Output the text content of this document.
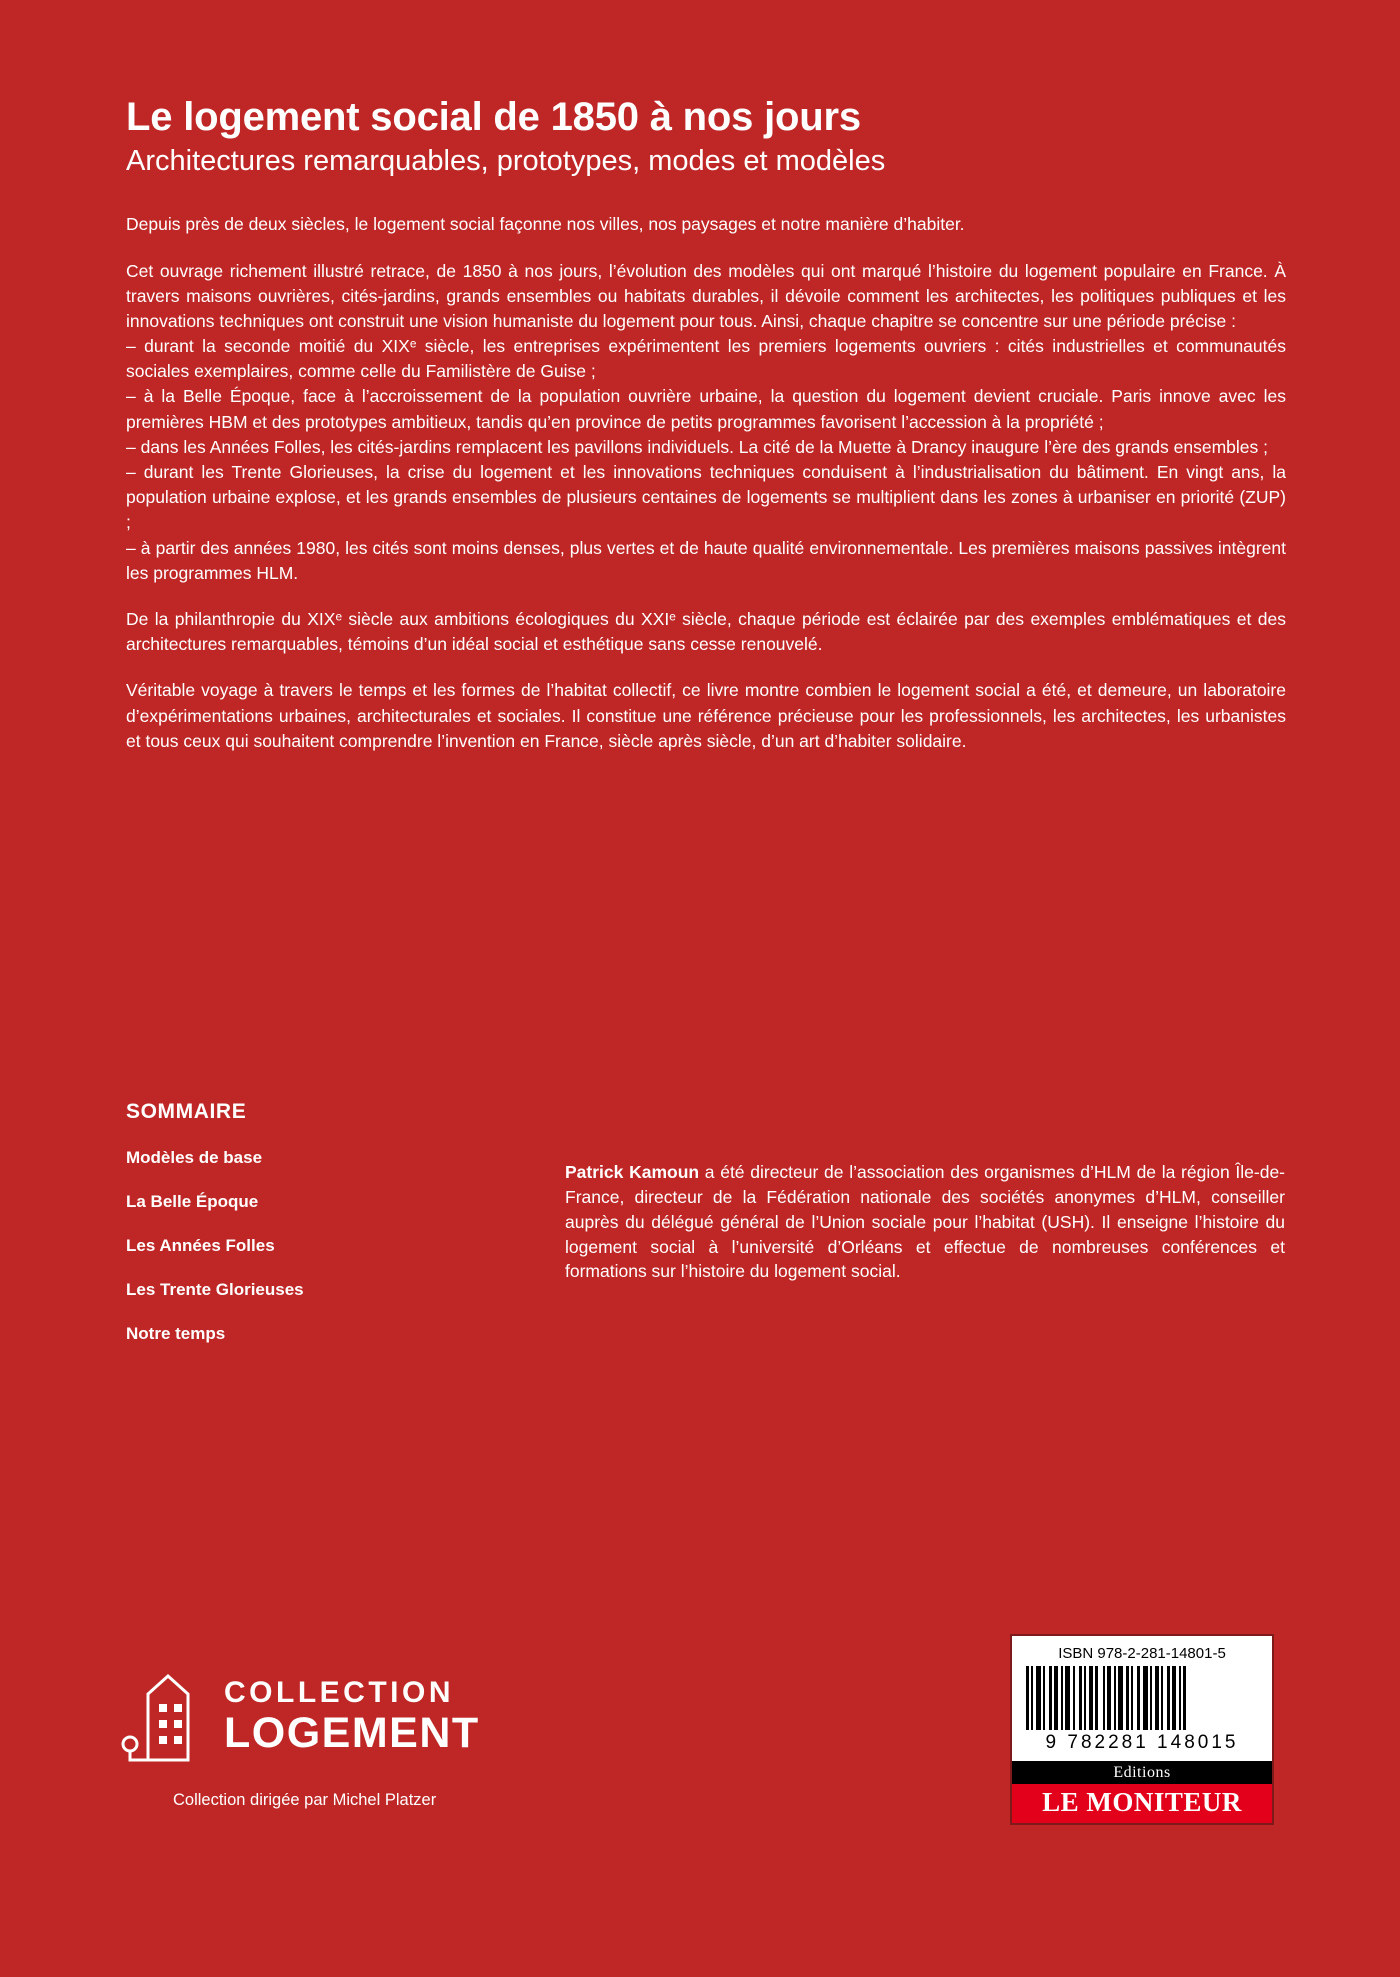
Le logement social de 1850 à nos jours
Architectures remarquables, prototypes, modes et modèles

Depuis près de deux siècles, le logement social façonne nos villes, nos paysages et notre manière d’habiter.

Cet ouvrage richement illustré retrace, de 1850 à nos jours, l’évolution des modèles qui ont marqué l’histoire du logement populaire en France. À travers maisons ouvrières, cités-jardins, grands ensembles ou habitats durables, il dévoile comment les architectes, les politiques publiques et les innovations techniques ont construit une vision humaniste du logement pour tous. Ainsi, chaque chapitre se concentre sur une période précise :

– durant la seconde moitié du XIXᵉ siècle, les entreprises expérimentent les premiers logements ouvriers : cités industrielles et communautés sociales exemplaires, comme celle du Familistère de Guise ;

– à la Belle Époque, face à l’accroissement de la population ouvrière urbaine, la question du logement devient cruciale. Paris innove avec les premières HBM et des prototypes ambitieux, tandis qu’en province de petits programmes favorisent l’accession à la propriété ;

– dans les Années Folles, les cités-jardins remplacent les pavillons individuels. La cité de la Muette à Drancy inaugure l’ère des grands ensembles ;

– durant les Trente Glorieuses, la crise du logement et les innovations techniques conduisent à l’industrialisation du bâtiment. En vingt ans, la population urbaine explose, et les grands ensembles de plusieurs centaines de logements se multiplient dans les zones à urbaniser en priorité (ZUP) ;

– à partir des années 1980, les cités sont moins denses, plus vertes et de haute qualité environnementale. Les premières maisons passives intègrent les programmes HLM.

De la philanthropie du XIXᵉ siècle aux ambitions écologiques du XXIᵉ siècle, chaque période est éclairée par des exemples emblématiques et des architectures remarquables, témoins d’un idéal social et esthétique sans cesse renouvelé.

Véritable voyage à travers le temps et les formes de l’habitat collectif, ce livre montre combien le logement social a été, et demeure, un laboratoire d’expérimentations urbaines, architecturales et sociales. Il constitue une référence précieuse pour les professionnels, les architectes, les urbanistes et tous ceux qui souhaitent comprendre l’invention en France, siècle après siècle, d’un art d’habiter solidaire.

SOMMAIRE
Modèles de base
La Belle Époque
Les Années Folles
Les Trente Glorieuses
Notre temps

Patrick Kamoun a été directeur de l’association des organismes d’HLM de la région Île-de-France, directeur de la Fédération nationale des sociétés anonymes d’HLM, conseiller auprès du délégué général de l’Union sociale pour l’habitat (USH). Il enseigne l’histoire du logement social à l’université d’Orléans et effectue de nombreuses conférences et formations sur l’histoire du logement social.

COLLECTION
LOGEMENT
Collection dirigée par Michel Platzer
ISBN 978-2-281-14801-5
9 782281 148015
Editions
LE MONITEUR
